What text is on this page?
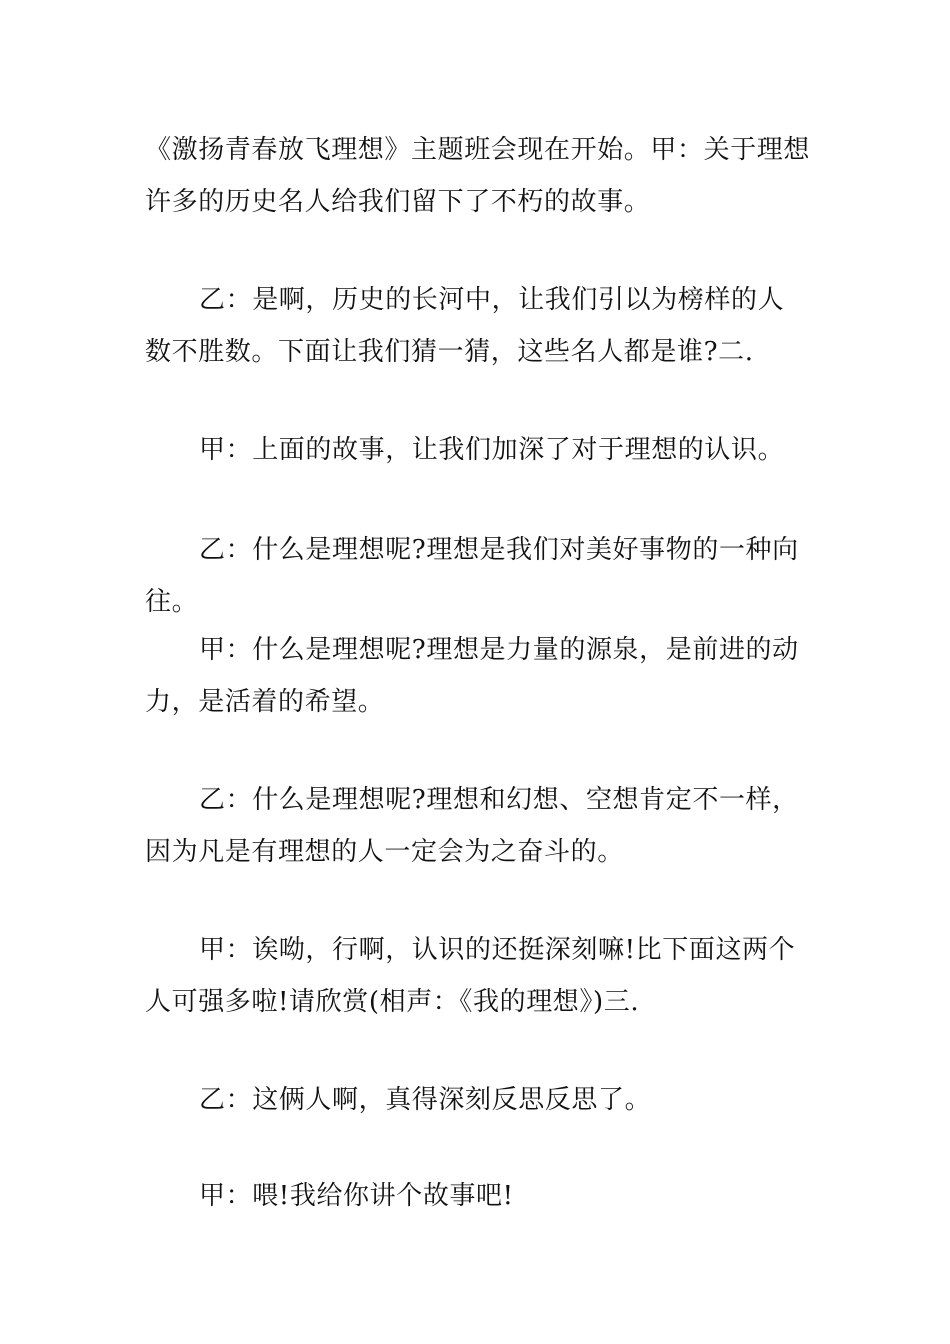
《激扬青春放飞理想》主题班会现在开始。甲：关于理想许多的历史名人给我们留下了不朽的故事。

乙：是啊，历史的长河中，让我们引以为榜样的人数不胜数。下面让我们猜一猜，这些名人都是谁?二.

甲：上面的故事，让我们加深了对于理想的认识。

乙：什么是理想呢?理想是我们对美好事物的一种向往。

甲：什么是理想呢?理想是力量的源泉，是前进的动力，是活着的希望。

乙：什么是理想呢?理想和幻想、空想肯定不一样，因为凡是有理想的人一定会为之奋斗的。

甲：诶呦，行啊，认识的还挺深刻嘛!比下面这两个人可强多啦!请欣赏(相声：《我的理想》)三.

乙：这俩人啊，真得深刻反思反思了。

甲：喂!我给你讲个故事吧!
